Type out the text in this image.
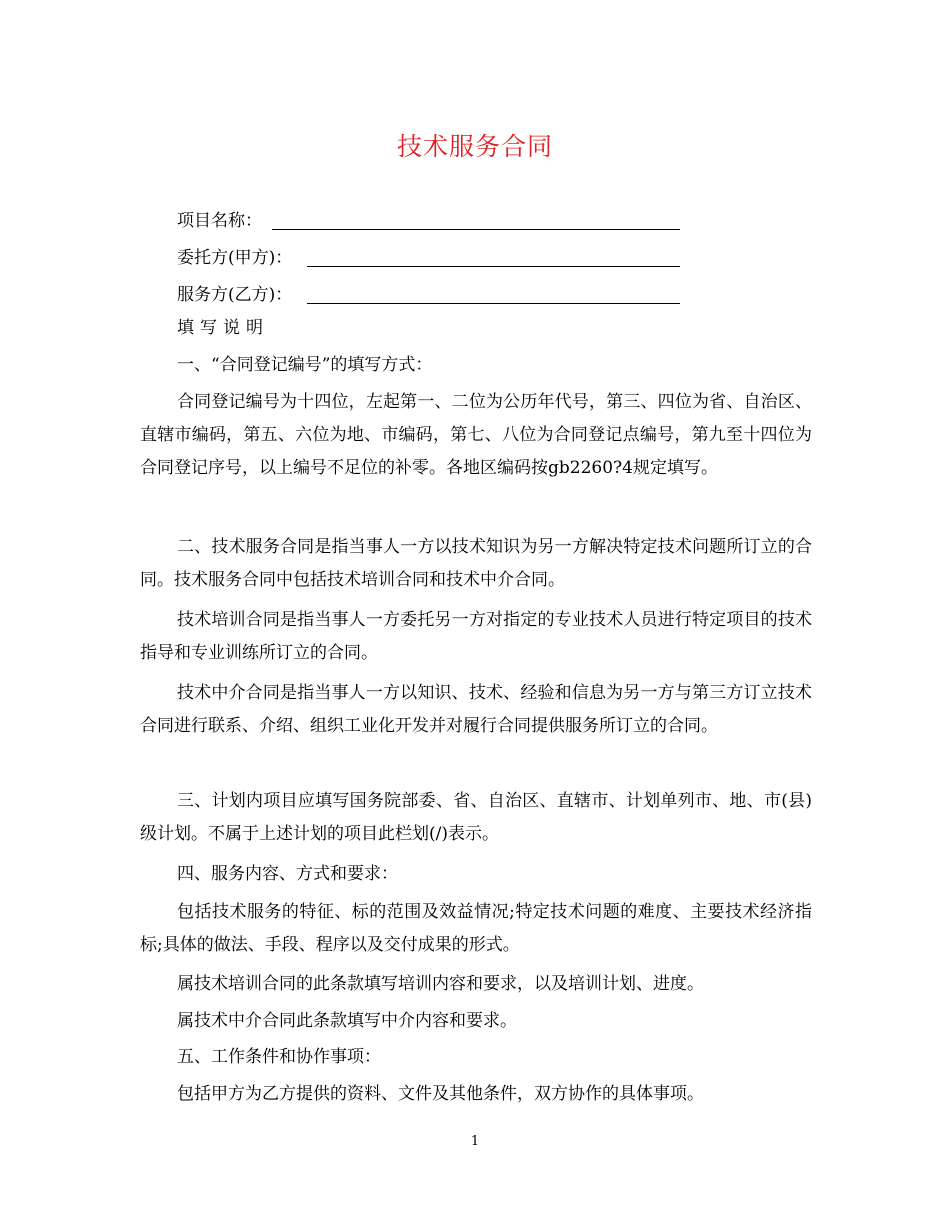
技术服务合同
项目名称：
委托方(甲方)：
服务方(乙方)：
填写说明
一、“合同登记编号”的填写方式：
合同登记编号为十四位，左起第一、二位为公历年代号，第三、四位为省、自治区、直辖市编码，第五、六位为地、市编码，第七、八位为合同登记点编号，第九至十四位为合同登记序号，以上编号不足位的补零。各地区编码按gb2260?4规定填写。
二、技术服务合同是指当事人一方以技术知识为另一方解决特定技术问题所订立的合同。技术服务合同中包括技术培训合同和技术中介合同。
技术培训合同是指当事人一方委托另一方对指定的专业技术人员进行特定项目的技术指导和专业训练所订立的合同。
技术中介合同是指当事人一方以知识、技术、经验和信息为另一方与第三方订立技术合同进行联系、介绍、组织工业化开发并对履行合同提供服务所订立的合同。
三、计划内项目应填写国务院部委、省、自治区、直辖市、计划单列市、地、市(县)级计划。不属于上述计划的项目此栏划(/)表示。
四、服务内容、方式和要求：
包括技术服务的特征、标的范围及效益情况;特定技术问题的难度、主要技术经济指标;具体的做法、手段、程序以及交付成果的形式。
属技术培训合同的此条款填写培训内容和要求，以及培训计划、进度。
属技术中介合同此条款填写中介内容和要求。
五、工作条件和协作事项：
包括甲方为乙方提供的资料、文件及其他条件，双方协作的具体事项。
1
